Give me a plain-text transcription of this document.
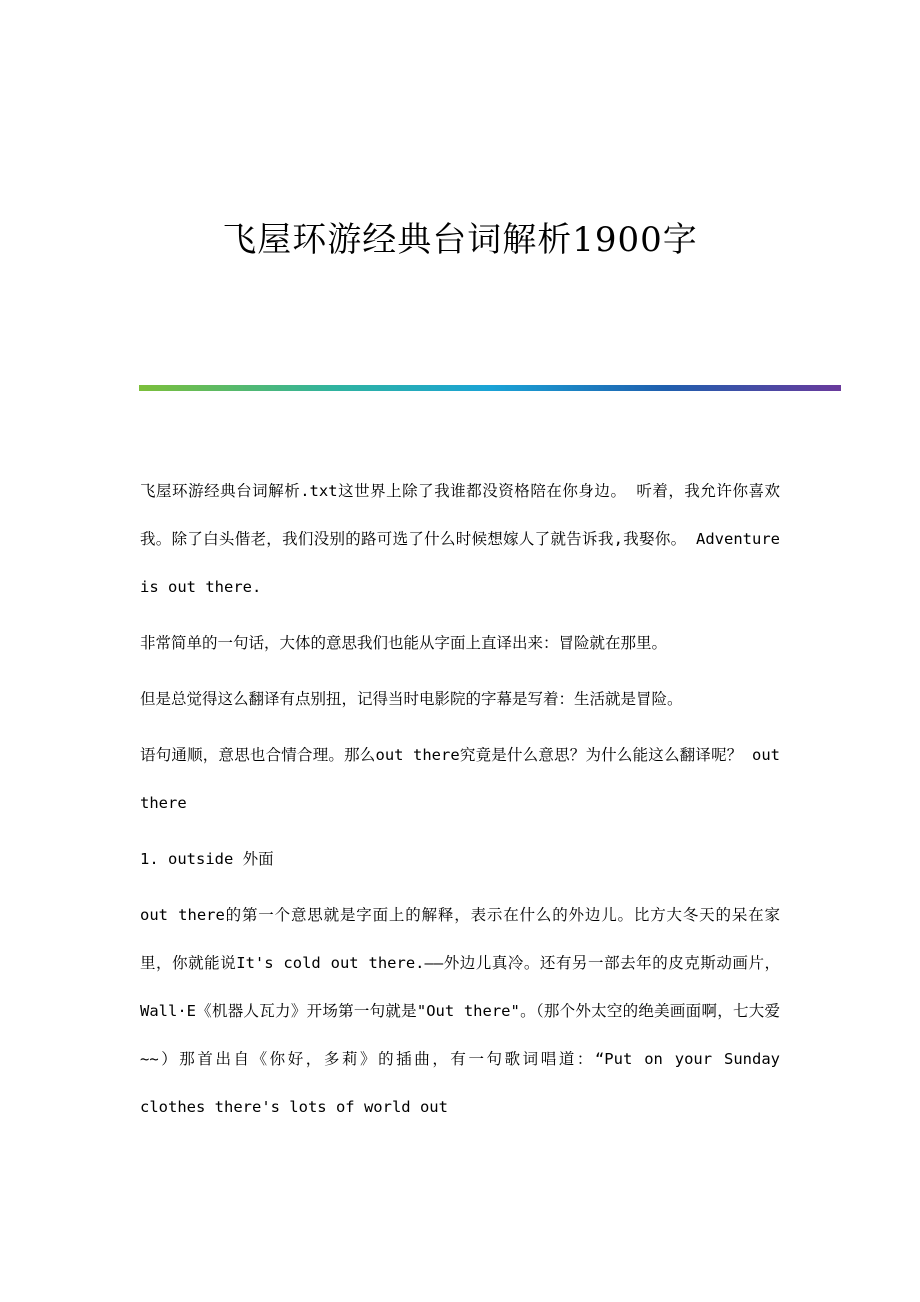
飞屋环游经典台词解析1900字

飞屋环游经典台词解析.txt这世界上除了我谁都没资格陪在你身边。 听着，我允许你喜欢我。除了白头偕老，我们没别的路可选了什么时候想嫁人了就告诉我,我娶你。 Adventure is out there.

非常简单的一句话，大体的意思我们也能从字面上直译出来：冒险就在那里。

但是总觉得这么翻译有点别扭，记得当时电影院的字幕是写着：生活就是冒险。

语句通顺，意思也合情合理。那么out there究竟是什么意思？为什么能这么翻译呢？ out there

1. outside 外面

out there的第一个意思就是字面上的解释，表示在什么的外边儿。比方大冬天的呆在家里，你就能说It's cold out there.——外边儿真冷。还有另一部去年的皮克斯动画片，Wall·E《机器人瓦力》开场第一句就是"Out there"。（那个外太空的绝美画面啊，七大爱~~）那首出自《你好，多莉》的插曲，有一句歌词唱道：“Put on your Sunday clothes there's lots of world out
